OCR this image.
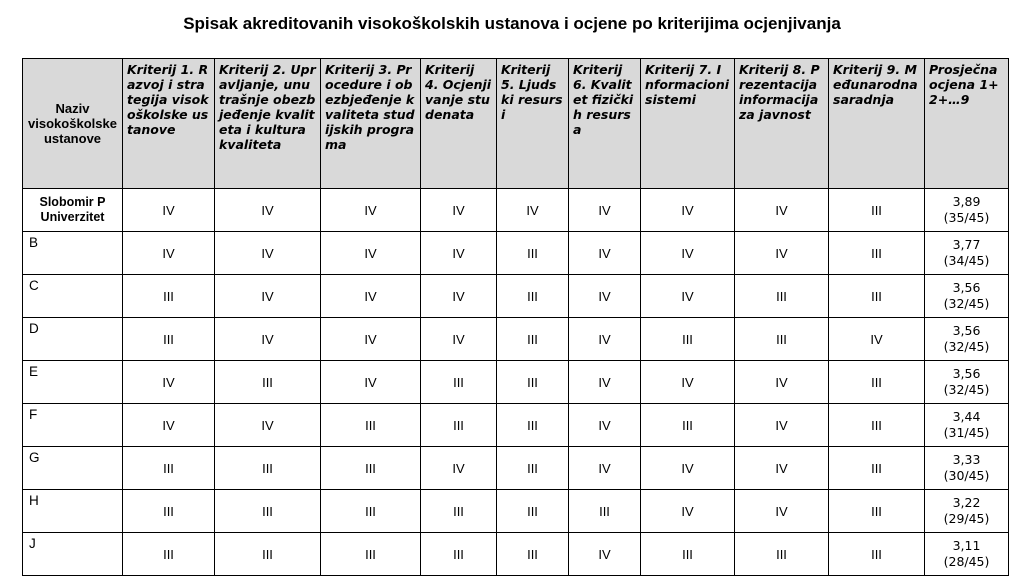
Spisak akreditovanih visokoškolskih ustanova i ocjene po kriterijima ocjenjivanja
Naziv visokoškolske ustanove	Kriterij 1. Razvoj i strategija visokoškolske ustanove	Kriterij 2. Upravljanje, unutrašnje obezbjeđenje kvaliteta i kultura kvaliteta	Kriterij 3. Procedure i obezbjeđenje kvaliteta studijskih programa	Kriterij 4. Ocjenjivanje studenata	Kriterij 5. Ljudski resursi	Kriterij 6. Kvalitet fizičkih resursa	Kriterij 7. Informacioni sistemi	Kriterij 8. Prezentacija informacija za javnost	Kriterij 9. Međunarodna saradnja	Prosječna ocjena 1+2+…9
Slobomir P Univerzitet	IV	IV	IV	IV	IV	IV	IV	IV	III	3,89
(35/45)

B	IV	IV	IV	IV	III	IV	IV	IV	III	3,77
(34/45)

C	III	IV	IV	IV	III	IV	IV	III	III	3,56
(32/45)

D	III	IV	IV	IV	III	IV	III	III	IV	3,56
(32/45)

E	IV	III	IV	III	III	IV	IV	IV	III	3,56
(32/45)

F	IV	IV	III	III	III	IV	III	IV	III	3,44
(31/45)

G	III	III	III	IV	III	IV	IV	IV	III	3,33
(30/45)

H	III	III	III	III	III	III	IV	IV	III	3,22
(29/45)

J	III	III	III	III	III	IV	III	III	III	3,11
(28/45)
